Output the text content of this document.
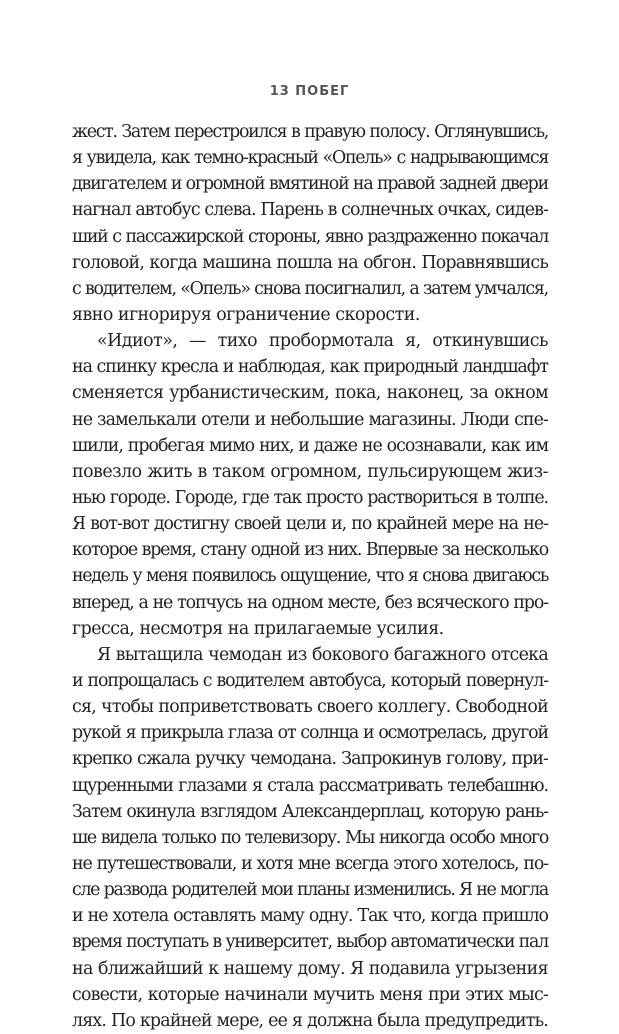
13 ПОБЕГ
жест. Затем перестроился в правую полосу. Оглянувшись,
я увидела, как темно-красный «Опель» с надрывающимся
двигателем и огромной вмятиной на правой задней двери
нагнал автобус слева. Парень в солнечных очках, сидев-
ший с пассажирской стороны, явно раздраженно покачал
головой, когда машина пошла на обгон. Поравнявшись
с водителем, «Опель» снова посигналил, а затем умчался,
явно игнорируя ограничение скорости.
«Идиот», — тихо пробормотала я, откинувшись
на спинку кресла и наблюдая, как природный ландшафт
сменяется урбанистическим, пока, наконец, за окном
не замелькали отели и небольшие магазины. Люди спе-
шили, пробегая мимо них, и даже не осознавали, как им
повезло жить в таком огромном, пульсирующем жиз-
нью городе. Городе, где так просто раствориться в толпе.
Я вот-вот достигну своей цели и, по крайней мере на не-
которое время, стану одной из них. Впервые за несколько
недель у меня появилось ощущение, что я снова двигаюсь
вперед, а не топчусь на одном месте, без всяческого про-
гресса, несмотря на прилагаемые усилия.
Я вытащила чемодан из бокового багажного отсека
и попрощалась с водителем автобуса, который повернул-
ся, чтобы поприветствовать своего коллегу. Свободной
рукой я прикрыла глаза от солнца и осмотрелась, другой
крепко сжала ручку чемодана. Запрокинув голову, при-
щуренными глазами я стала рассматривать телебашню.
Затем окинула взглядом Александерплац, которую рань-
ше видела только по телевизору. Мы никогда особо много
не путешествовали, и хотя мне всегда этого хотелось, по-
сле развода родителей мои планы изменились. Я не могла
и не хотела оставлять маму одну. Так что, когда пришло
время поступать в университет, выбор автоматически пал
на ближайший к нашему дому. Я подавила угрызения
совести, которые начинали мучить меня при этих мыс-
лях. По крайней мере, ее я должна была предупредить.
